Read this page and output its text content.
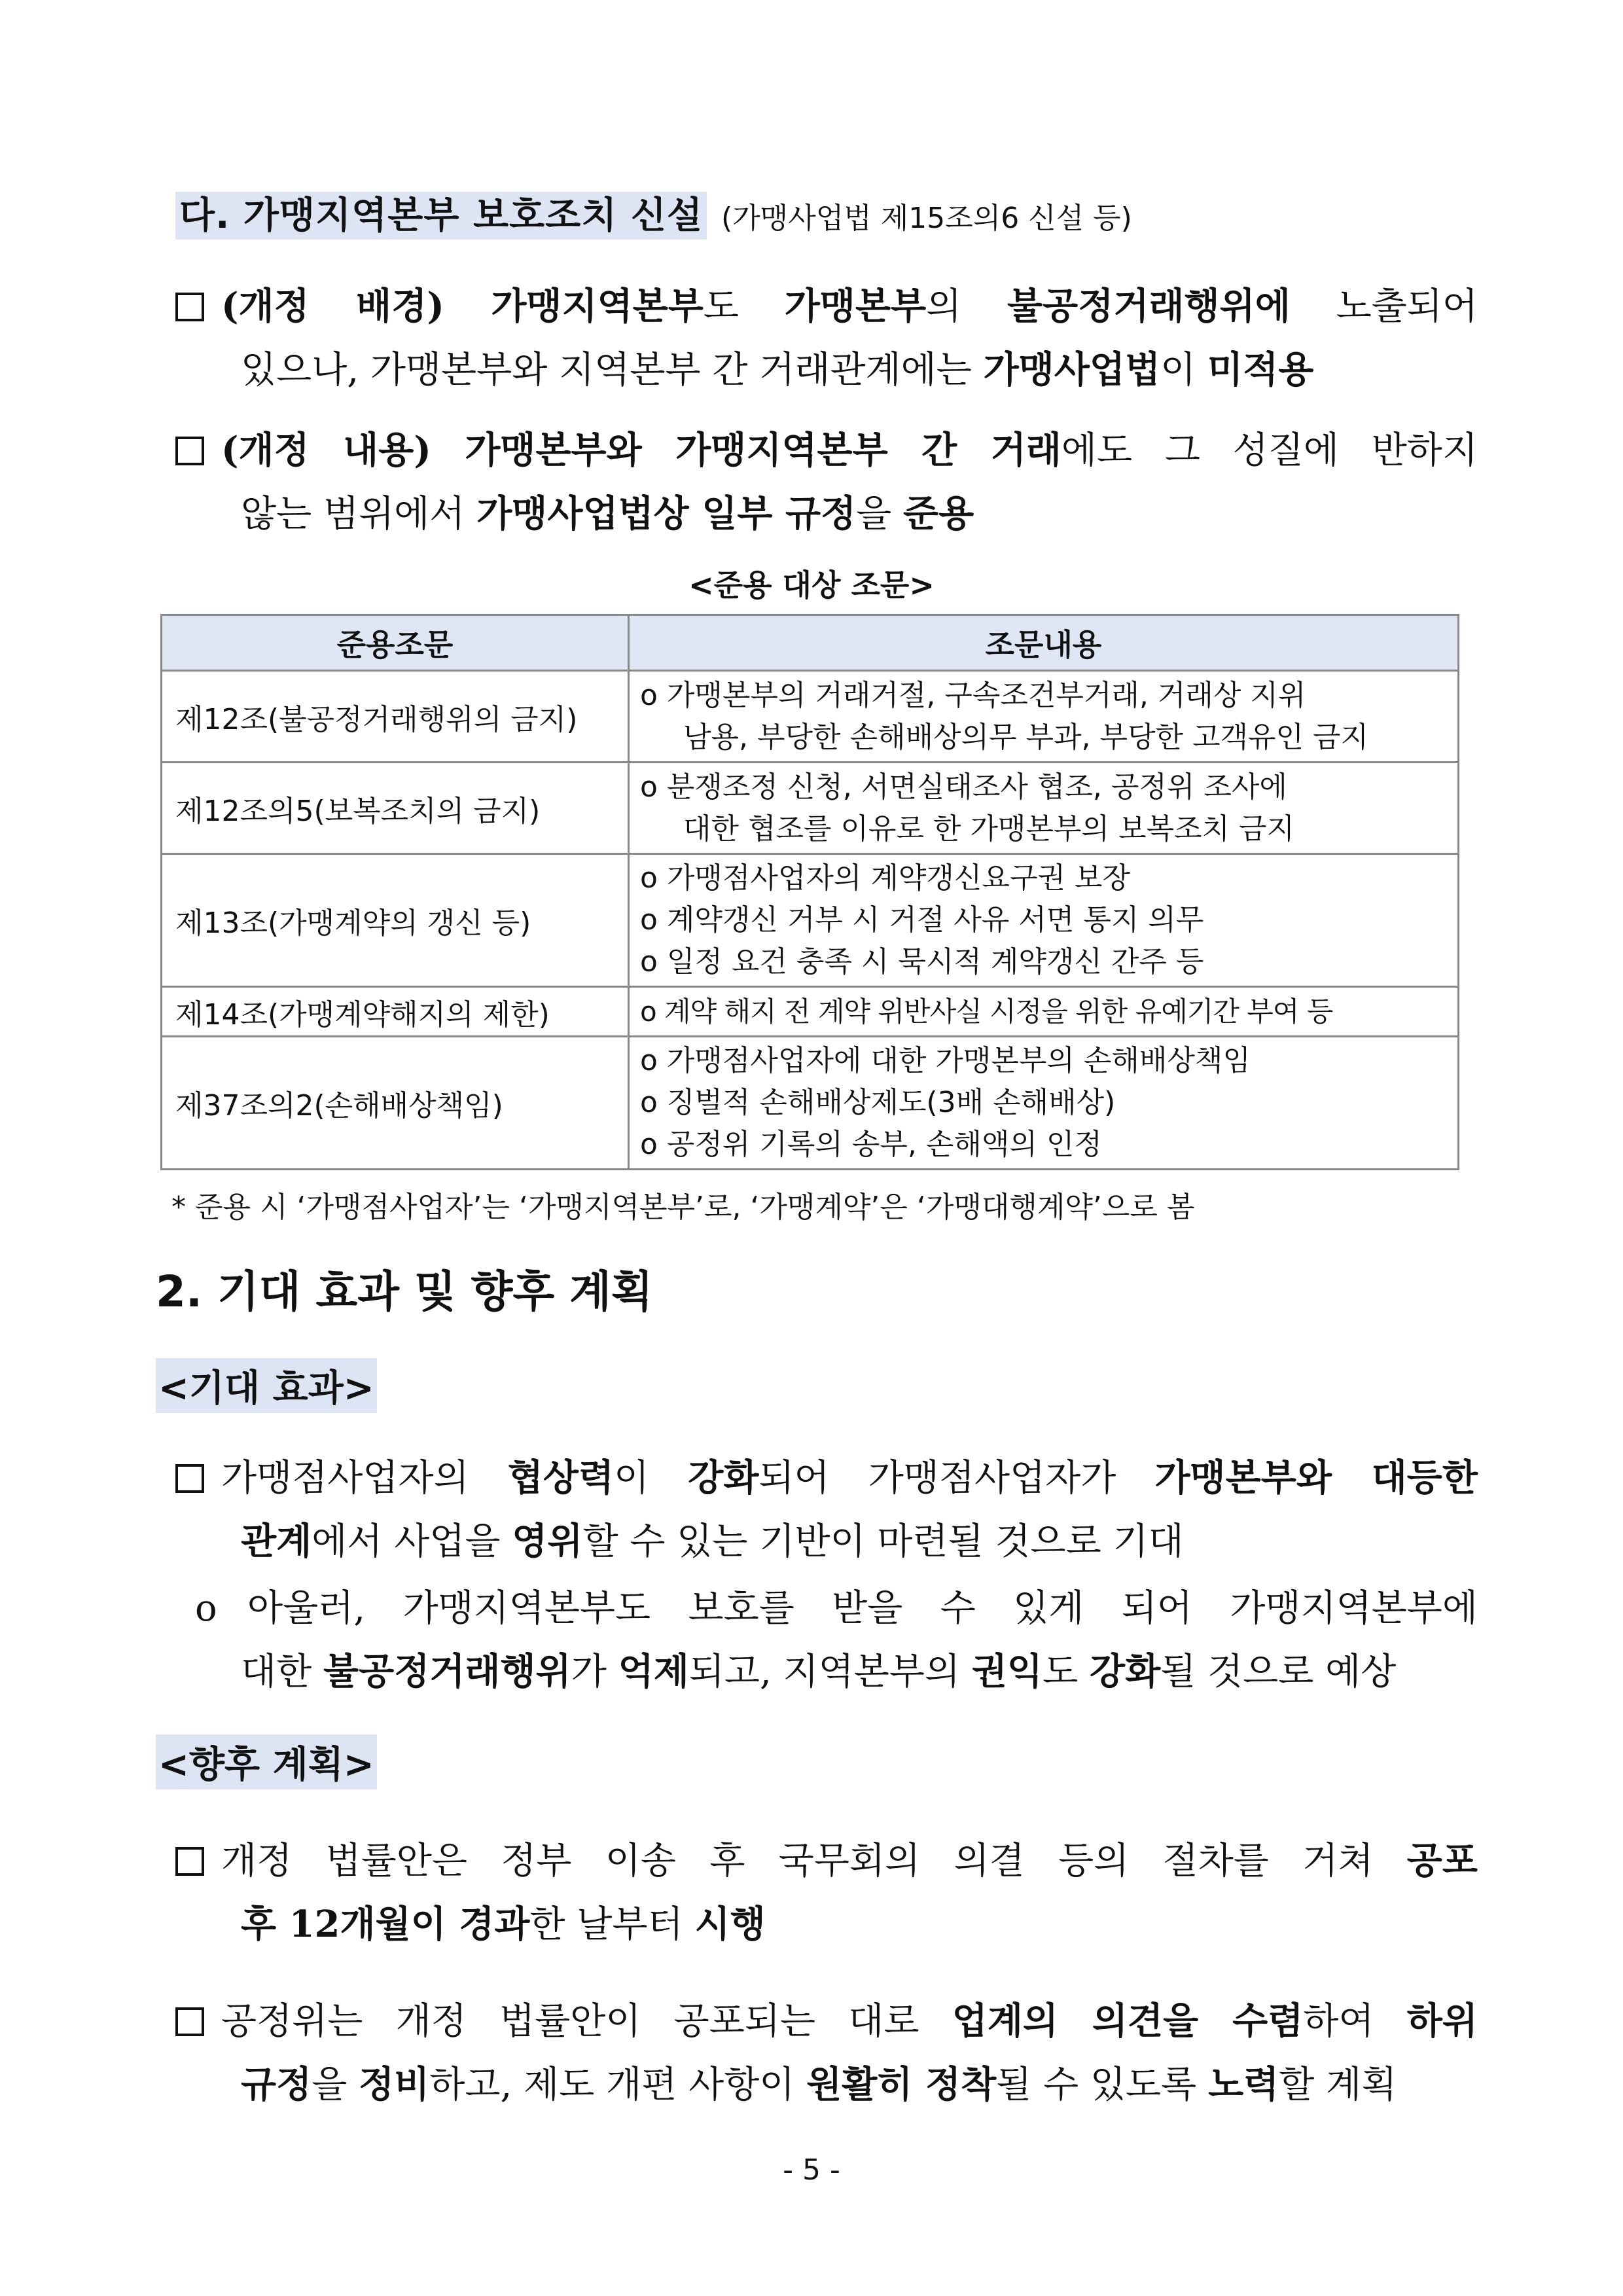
다. 가맹지역본부 보호조치 신설 (가맹사업법 제15조의6 신설 등)
(개정 배경) 가맹지역본부도 가맹본부의 불공정거래행위에 노출되어
있으나, 가맹본부와 지역본부 간 거래관계에는 가맹사업법이 미적용
(개정 내용) 가맹본부와 가맹지역본부 간 거래에도 그 성질에 반하지
않는 범위에서 가맹사업법상 일부 규정을 준용
<준용 대상 조문>
준용조문	조문내용
제12조(불공정거래행위의 금지)	o 가맹본부의 거래거절, 구속조건부거래, 거래상 지위
남용, 부당한 손해배상의무 부과, 부당한 고객유인 금지

제12조의5(보복조치의 금지)	o 분쟁조정 신청, 서면실태조사 협조, 공정위 조사에
대한 협조를 이유로 한 가맹본부의 보복조치 금지

제13조(가맹계약의 갱신 등)	o 가맹점사업자의 계약갱신요구권 보장
o 계약갱신 거부 시 거절 사유 서면 통지 의무
o 일정 요건 충족 시 묵시적 계약갱신 간주 등

제14조(가맹계약해지의 제한)	o 계약 해지 전 계약 위반사실 시정을 위한 유예기간 부여 등

제37조의2(손해배상책임)	o 가맹점사업자에 대한 가맹본부의 손해배상책임
o 징벌적 손해배상제도(3배 손해배상)
o 공정위 기록의 송부, 손해액의 인정
* 준용 시 ‘가맹점사업자’는 ‘가맹지역본부’로, ‘가맹계약’은 ‘가맹대행계약’으로 봄
2. 기대 효과 및 향후 계획
<기대 효과>
가맹점사업자의 협상력이 강화되어 가맹점사업자가 가맹본부와 대등한
관계에서 사업을 영위할 수 있는 기반이 마련될 것으로 기대
o 아울러, 가맹지역본부도 보호를 받을 수 있게 되어 가맹지역본부에
대한 불공정거래행위가 억제되고, 지역본부의 권익도 강화될 것으로 예상
<향후 계획>
개정 법률안은 정부 이송 후 국무회의 의결 등의 절차를 거쳐 공포
후 12개월이 경과한 날부터 시행
공정위는 개정 법률안이 공포되는 대로 업계의 의견을 수렴하여 하위
규정을 정비하고, 제도 개편 사항이 원활히 정착될 수 있도록 노력할 계획
- 5 -
